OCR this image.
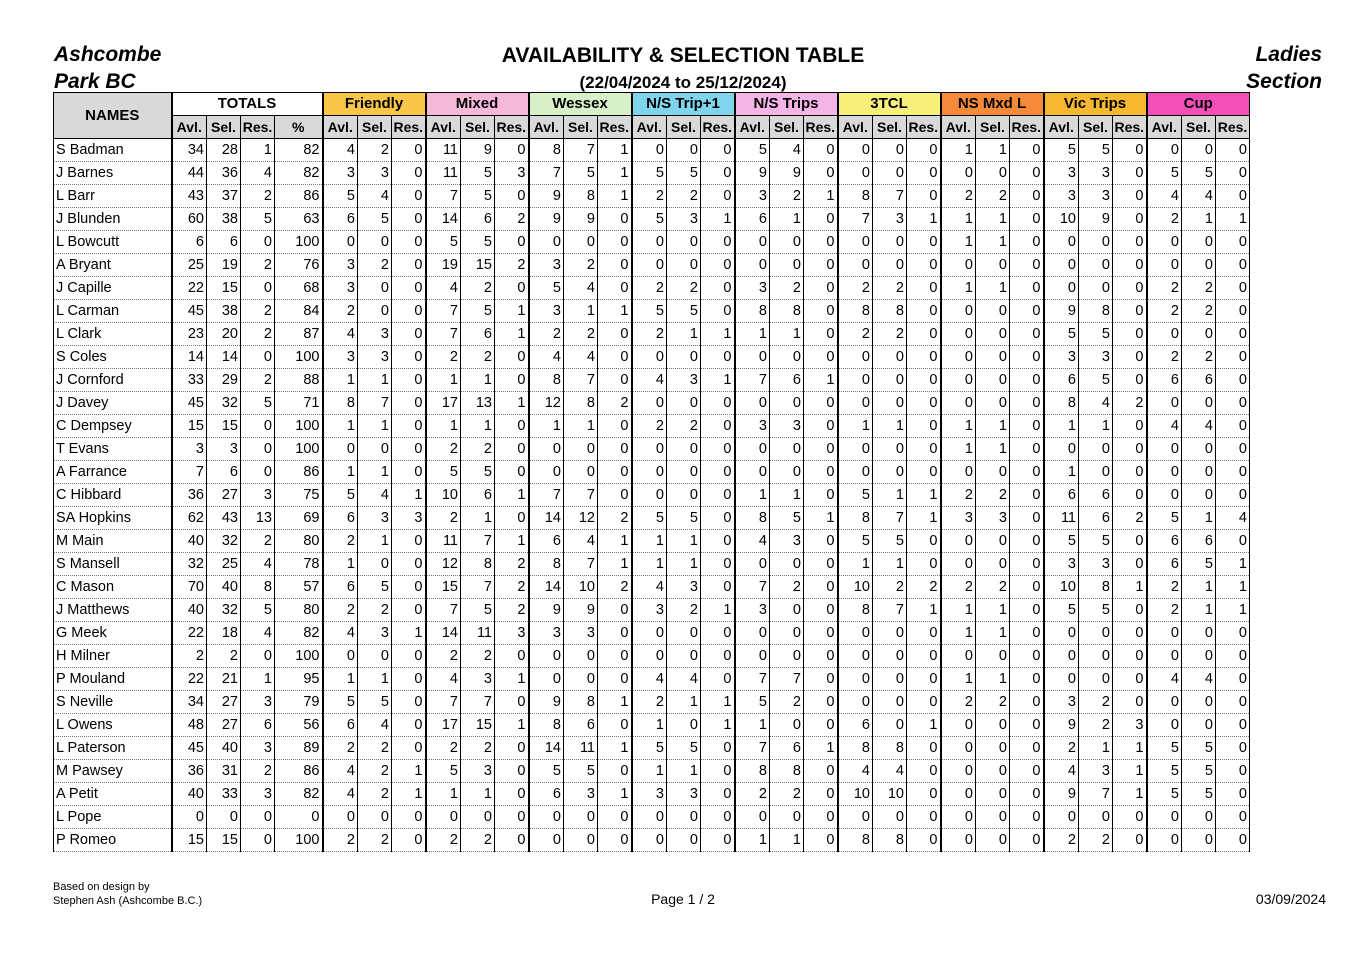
Ashcombe
Park BC
AVAILABILITY & SELECTION TABLE
(22/04/2024 to 25/12/2024)
Ladies
Section
NAMES	TOTALS				Friendly			Mixed			Wessex			N/S Trip+1			N/S Trips			3TCL			NS Mxd L			Vic Trips			Cup		
	Avl.	Sel.	Res.	%	Avl.	Sel.	Res.	Avl.	Sel.	Res.	Avl.	Sel.	Res.	Avl.	Sel.	Res.	Avl.	Sel.	Res.	Avl.	Sel.	Res.	Avl.	Sel.	Res.	Avl.	Sel.	Res.	Avl.	Sel.	Res.
S Badman	34	28	1	82	4	2	0	11	9	0	8	7	1	0	0	0	5	4	0	0	0	0	1	1	0	5	5	0	0	0	0
J Barnes	44	36	4	82	3	3	0	11	5	3	7	5	1	5	5	0	9	9	0	0	0	0	0	0	0	3	3	0	5	5	0
L Barr	43	37	2	86	5	4	0	7	5	0	9	8	1	2	2	0	3	2	1	8	7	0	2	2	0	3	3	0	4	4	0
J Blunden	60	38	5	63	6	5	0	14	6	2	9	9	0	5	3	1	6	1	0	7	3	1	1	1	0	10	9	0	2	1	1
L Bowcutt	6	6	0	100	0	0	0	5	5	0	0	0	0	0	0	0	0	0	0	0	0	0	1	1	0	0	0	0	0	0	0
A Bryant	25	19	2	76	3	2	0	19	15	2	3	2	0	0	0	0	0	0	0	0	0	0	0	0	0	0	0	0	0	0	0
J Capille	22	15	0	68	3	0	0	4	2	0	5	4	0	2	2	0	3	2	0	2	2	0	1	1	0	0	0	0	2	2	0
L Carman	45	38	2	84	2	0	0	7	5	1	3	1	1	5	5	0	8	8	0	8	8	0	0	0	0	9	8	0	2	2	0
L Clark	23	20	2	87	4	3	0	7	6	1	2	2	0	2	1	1	1	1	0	2	2	0	0	0	0	5	5	0	0	0	0
S Coles	14	14	0	100	3	3	0	2	2	0	4	4	0	0	0	0	0	0	0	0	0	0	0	0	0	3	3	0	2	2	0
J Cornford	33	29	2	88	1	1	0	1	1	0	8	7	0	4	3	1	7	6	1	0	0	0	0	0	0	6	5	0	6	6	0
J Davey	45	32	5	71	8	7	0	17	13	1	12	8	2	0	0	0	0	0	0	0	0	0	0	0	0	8	4	2	0	0	0
C Dempsey	15	15	0	100	1	1	0	1	1	0	1	1	0	2	2	0	3	3	0	1	1	0	1	1	0	1	1	0	4	4	0
T Evans	3	3	0	100	0	0	0	2	2	0	0	0	0	0	0	0	0	0	0	0	0	0	1	1	0	0	0	0	0	0	0
A Farrance	7	6	0	86	1	1	0	5	5	0	0	0	0	0	0	0	0	0	0	0	0	0	0	0	0	1	0	0	0	0	0
C Hibbard	36	27	3	75	5	4	1	10	6	1	7	7	0	0	0	0	1	1	0	5	1	1	2	2	0	6	6	0	0	0	0
SA Hopkins	62	43	13	69	6	3	3	2	1	0	14	12	2	5	5	0	8	5	1	8	7	1	3	3	0	11	6	2	5	1	4
M Main	40	32	2	80	2	1	0	11	7	1	6	4	1	1	1	0	4	3	0	5	5	0	0	0	0	5	5	0	6	6	0
S Mansell	32	25	4	78	1	0	0	12	8	2	8	7	1	1	1	0	0	0	0	1	1	0	0	0	0	3	3	0	6	5	1
C Mason	70	40	8	57	6	5	0	15	7	2	14	10	2	4	3	0	7	2	0	10	2	2	2	2	0	10	8	1	2	1	1
J Matthews	40	32	5	80	2	2	0	7	5	2	9	9	0	3	2	1	3	0	0	8	7	1	1	1	0	5	5	0	2	1	1
G Meek	22	18	4	82	4	3	1	14	11	3	3	3	0	0	0	0	0	0	0	0	0	0	1	1	0	0	0	0	0	0	0
H Milner	2	2	0	100	0	0	0	2	2	0	0	0	0	0	0	0	0	0	0	0	0	0	0	0	0	0	0	0	0	0	0
P Mouland	22	21	1	95	1	1	0	4	3	1	0	0	0	4	4	0	7	7	0	0	0	0	1	1	0	0	0	0	4	4	0
S Neville	34	27	3	79	5	5	0	7	7	0	9	8	1	2	1	1	5	2	0	0	0	0	2	2	0	3	2	0	0	0	0
L Owens	48	27	6	56	6	4	0	17	15	1	8	6	0	1	0	1	1	0	0	6	0	1	0	0	0	9	2	3	0	0	0
L Paterson	45	40	3	89	2	2	0	2	2	0	14	11	1	5	5	0	7	6	1	8	8	0	0	0	0	2	1	1	5	5	0
M Pawsey	36	31	2	86	4	2	1	5	3	0	5	5	0	1	1	0	8	8	0	4	4	0	0	0	0	4	3	1	5	5	0
A Petit	40	33	3	82	4	2	1	1	1	0	6	3	1	3	3	0	2	2	0	10	10	0	0	0	0	9	7	1	5	5	0
L Pope	0	0	0	0	0	0	0	0	0	0	0	0	0	0	0	0	0	0	0	0	0	0	0	0	0	0	0	0	0	0	0
P Romeo	15	15	0	100	2	2	0	2	2	0	0	0	0	0	0	0	1	1	0	8	8	0	0	0	0	2	2	0	0	0	0
Based on design by
Stephen Ash (Ashcombe B.C.)	Page 1 / 2	03/09/2024
